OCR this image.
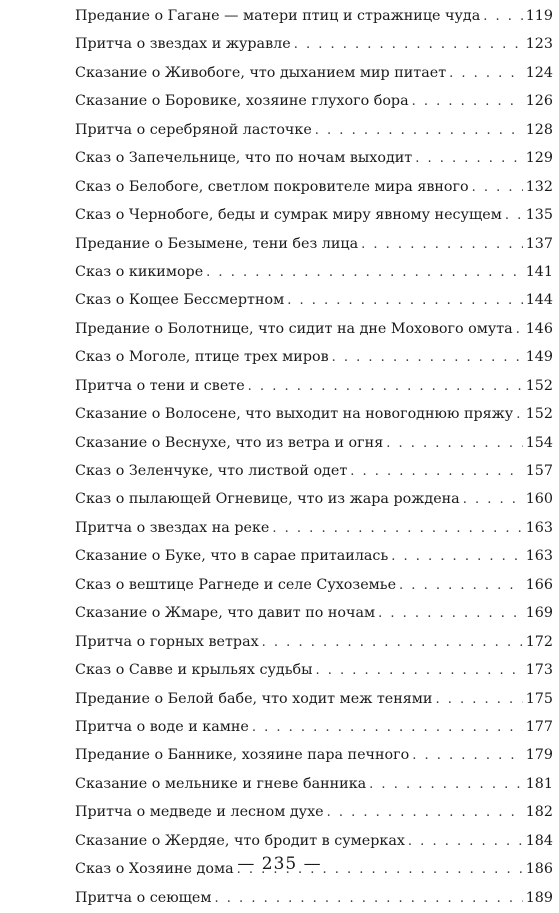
Предание о Гагане — матери птиц и стражнице чуда . . .	119
Притча о звездах и журавле . . .	123
Сказание о Живобоге, что дыханием мир питает . . .	124
Сказание о Боровике, хозяине глухого бора . . .	126
Притча о серебряной ласточке . . .	128
Сказ о Запечельнице, что по ночам выходит . . .	129
Сказ о Белобоге, светлом покровителе мира явного . . .	132
Сказ о Чернобоге, беды и сумрак миру явному несущем . . . 135
Предание о Безымене, тени без лица . . .	137
Сказ о кикиморе . . .	141
Сказ о Кощее Бессмертном . . .	144
Предание о Болотнице, что сидит на дне Мохового омута . . . 146
Сказ о Моголе, птице трех миров . . .	149
Притча о тени и свете . . .	152
Сказание о Волосене, что выходит на новогоднюю пряжу . . . 152
Сказание о Веснухе, что из ветра и огня . . .	154
Сказ о Зеленчуке, что листвой одет . . .	157
Сказ о пылающей Огневице, что из жара рождена . . .	160
Притча о звездах на реке . . .	163
Сказание о Буке, что в сарае притаилась . . .	163
Сказ о вештице Рагнеде и селе Сухоземье . . .	166
Сказание о Жмаре, что давит по ночам . . .	169
Притча о горных ветрах . . .	172
Сказ о Савве и крыльях судьбы . . .	173
Предание о Белой бабе, что ходит меж тенями . . .	175
Притча о воде и камне . . .	177
Предание о Баннике, хозяине пара печного . . .	179
Сказание о мельнике и гневе банника . . .	181
Притча о медведе и лесном духе . . .	182
Сказание о Жердяе, что бродит в сумерках . . .	184
Сказ о Хозяине дома . . .	186
Притча о сеющем . . .	189
— 235 —
